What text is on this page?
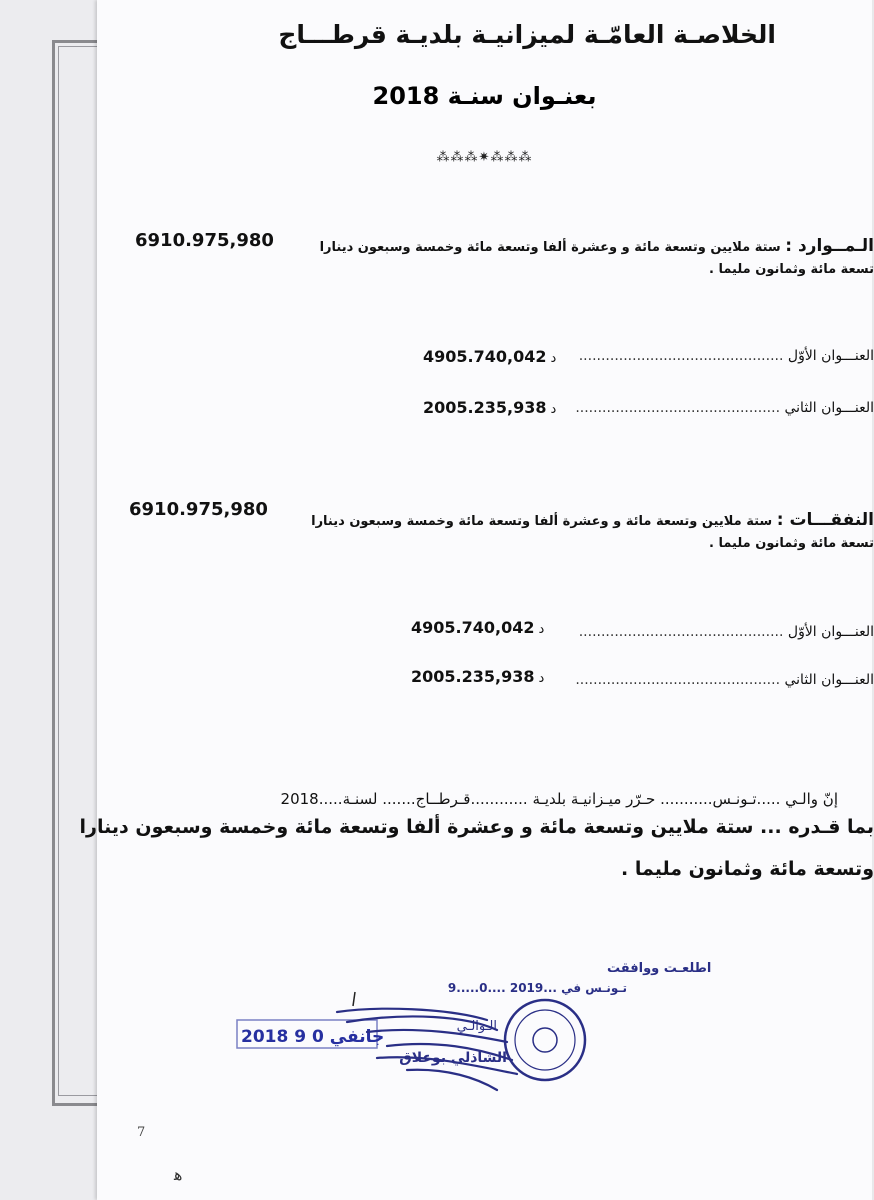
الخلاصـة العامّـة لميزانيـة بلديـة قرطـــاج
بعنـوان سنـة 2018
⁂⁂⁂✷⁂⁂⁂
6910.975,980	الـمــوارد : ستة ملايين وتسعة مائة و وعشرة ألفا وتسعة مائة وخمسة وسبعون دينارا
تسعة مائة وثمانون مليما .
العنـــوان الأوّل ..............................................
4905.740,042 د
العنـــوان الثاني ..............................................
2005.235,938 د
6910.975,980	النفقـــات : ستة ملايين وتسعة مائة و وعشرة ألفا وتسعة مائة وخمسة وسبعون دينارا
تسعة مائة وثمانون مليما .
العنـــوان الأوّل ..............................................
4905.740,042 د
العنـــوان الثاني ..............................................
2005.235,938 د
إنّ والـي .....تـونـس........... حـرّر ميـزانيـة بلديـة ............قـرطــاج....... لسنـة.....2018
بما قـدره ... ستة ملايين وتسعة مائة و وعشرة ألفا وتسعة مائة وخمسة وسبعون دينارا
وتسعة مائة وثمانون مليما .
اطلعـت ووافقت
تـونـس في ...2019 ....0.....9
2018 جانفي 0 9
الـوالـي
الشاذلي بوعلاق
7
ﻫ
